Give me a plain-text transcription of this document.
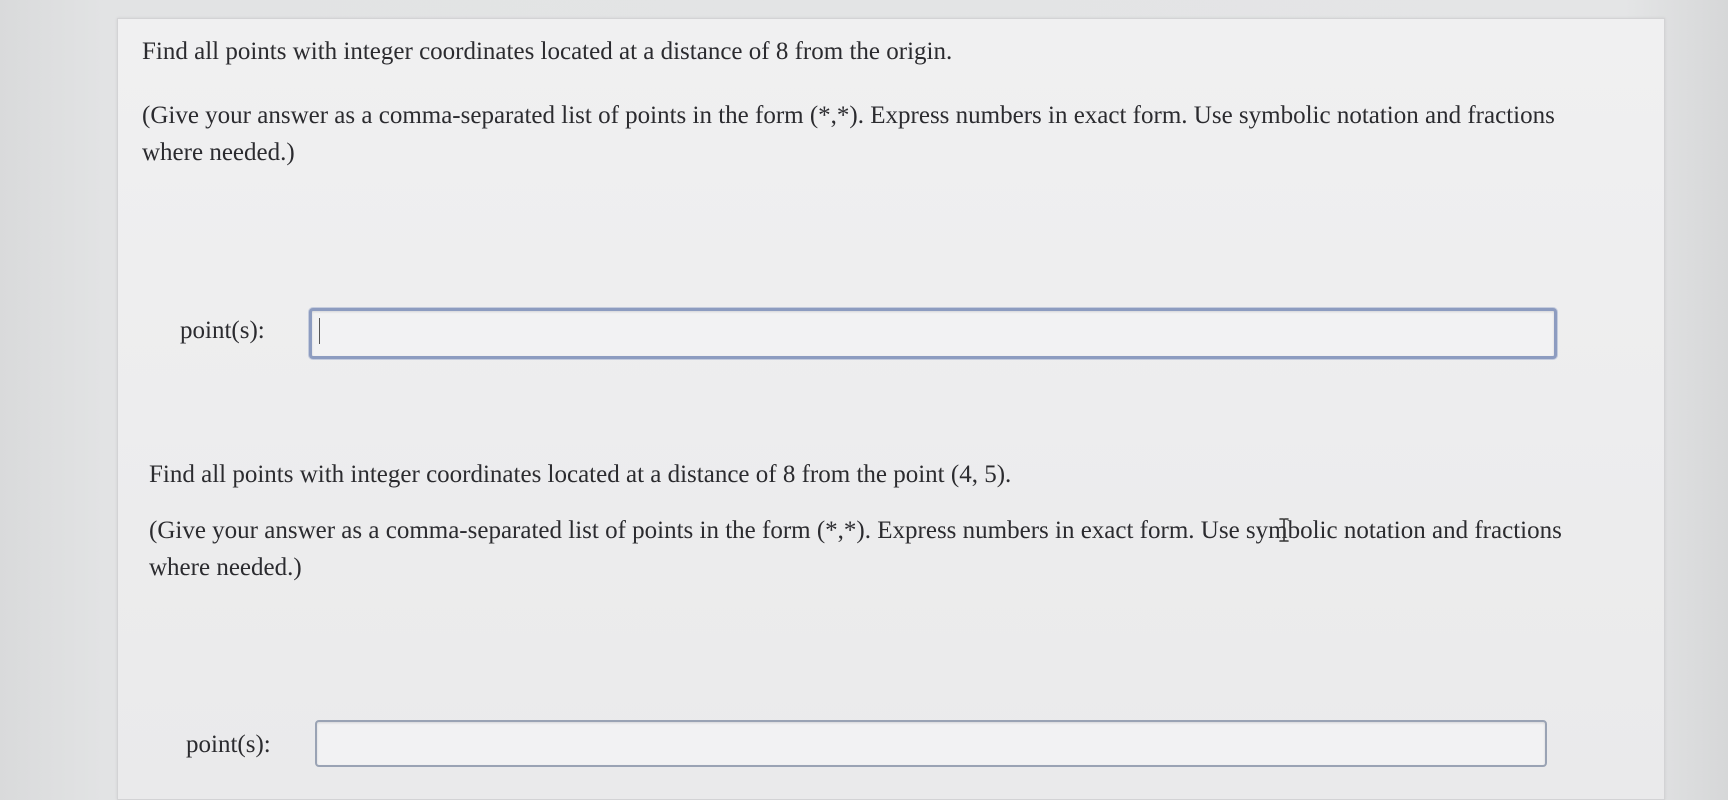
Find all points with integer coordinates located at a distance of 8 from the origin.

(Give your answer as a comma-separated list of points in the form (*,*). Express numbers in exact form. Use symbolic notation and fractions where needed.)

point(s):

Find all points with integer coordinates located at a distance of 8 from the point (4, 5).

(Give your answer as a comma-separated list of points in the form (*,*). Express numbers in exact form. Use symbolic notation and fractions where needed.)

point(s):
